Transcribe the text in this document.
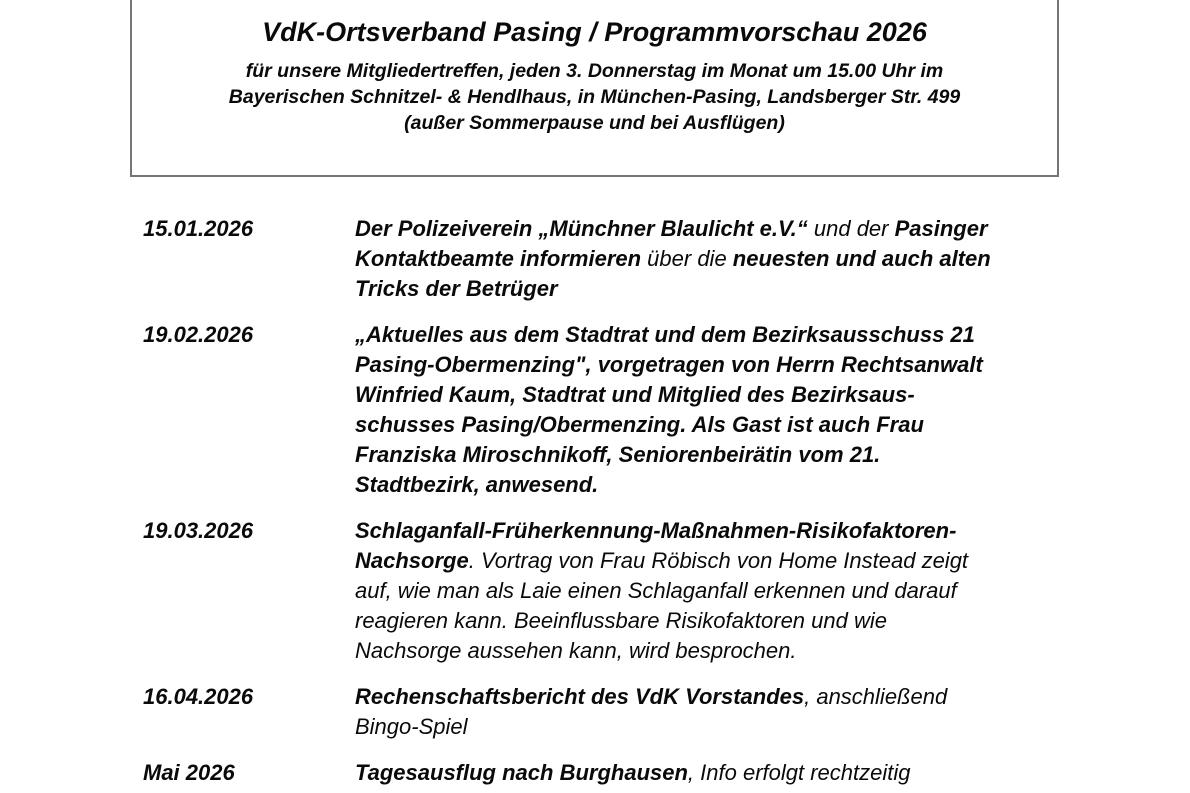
VdK-Ortsverband Pasing / Programmvorschau 2026
für unsere Mitgliedertreffen, jeden 3. Donnerstag im Monat um 15.00 Uhr im
Bayerischen Schnitzel- & Hendlhaus, in München-Pasing, Landsberger Str. 499
(außer Sommerpause und bei Ausflügen)
15.01.2026	Der Polizeiverein „Münchner Blaulicht e.V.“ und der Pasinger
Kontaktbeamte informieren über die neuesten und auch alten
Tricks der Betrüger
19.02.2026	„Aktuelles aus dem Stadtrat und dem Bezirksausschuss 21
Pasing-Obermenzing", vorgetragen von Herrn Rechtsanwalt
Winfried Kaum, Stadtrat und Mitglied des Bezirksaus-
schusses Pasing/Obermenzing. Als Gast ist auch Frau
Franziska Miroschnikoff, Seniorenbeirätin vom 21.
Stadtbezirk, anwesend.
19.03.2026	Schlaganfall-Früherkennung-Maßnahmen-Risikofaktoren-
Nachsorge. Vortrag von Frau Röbisch von Home Instead zeigt
auf, wie man als Laie einen Schlaganfall erkennen und darauf
reagieren kann. Beeinflussbare Risikofaktoren und wie
Nachsorge aussehen kann, wird besprochen.
16.04.2026	Rechenschaftsbericht des VdK Vorstandes, anschließend
Bingo-Spiel
Mai 2026	Tagesausflug nach Burghausen, Info erfolgt rechtzeitig
